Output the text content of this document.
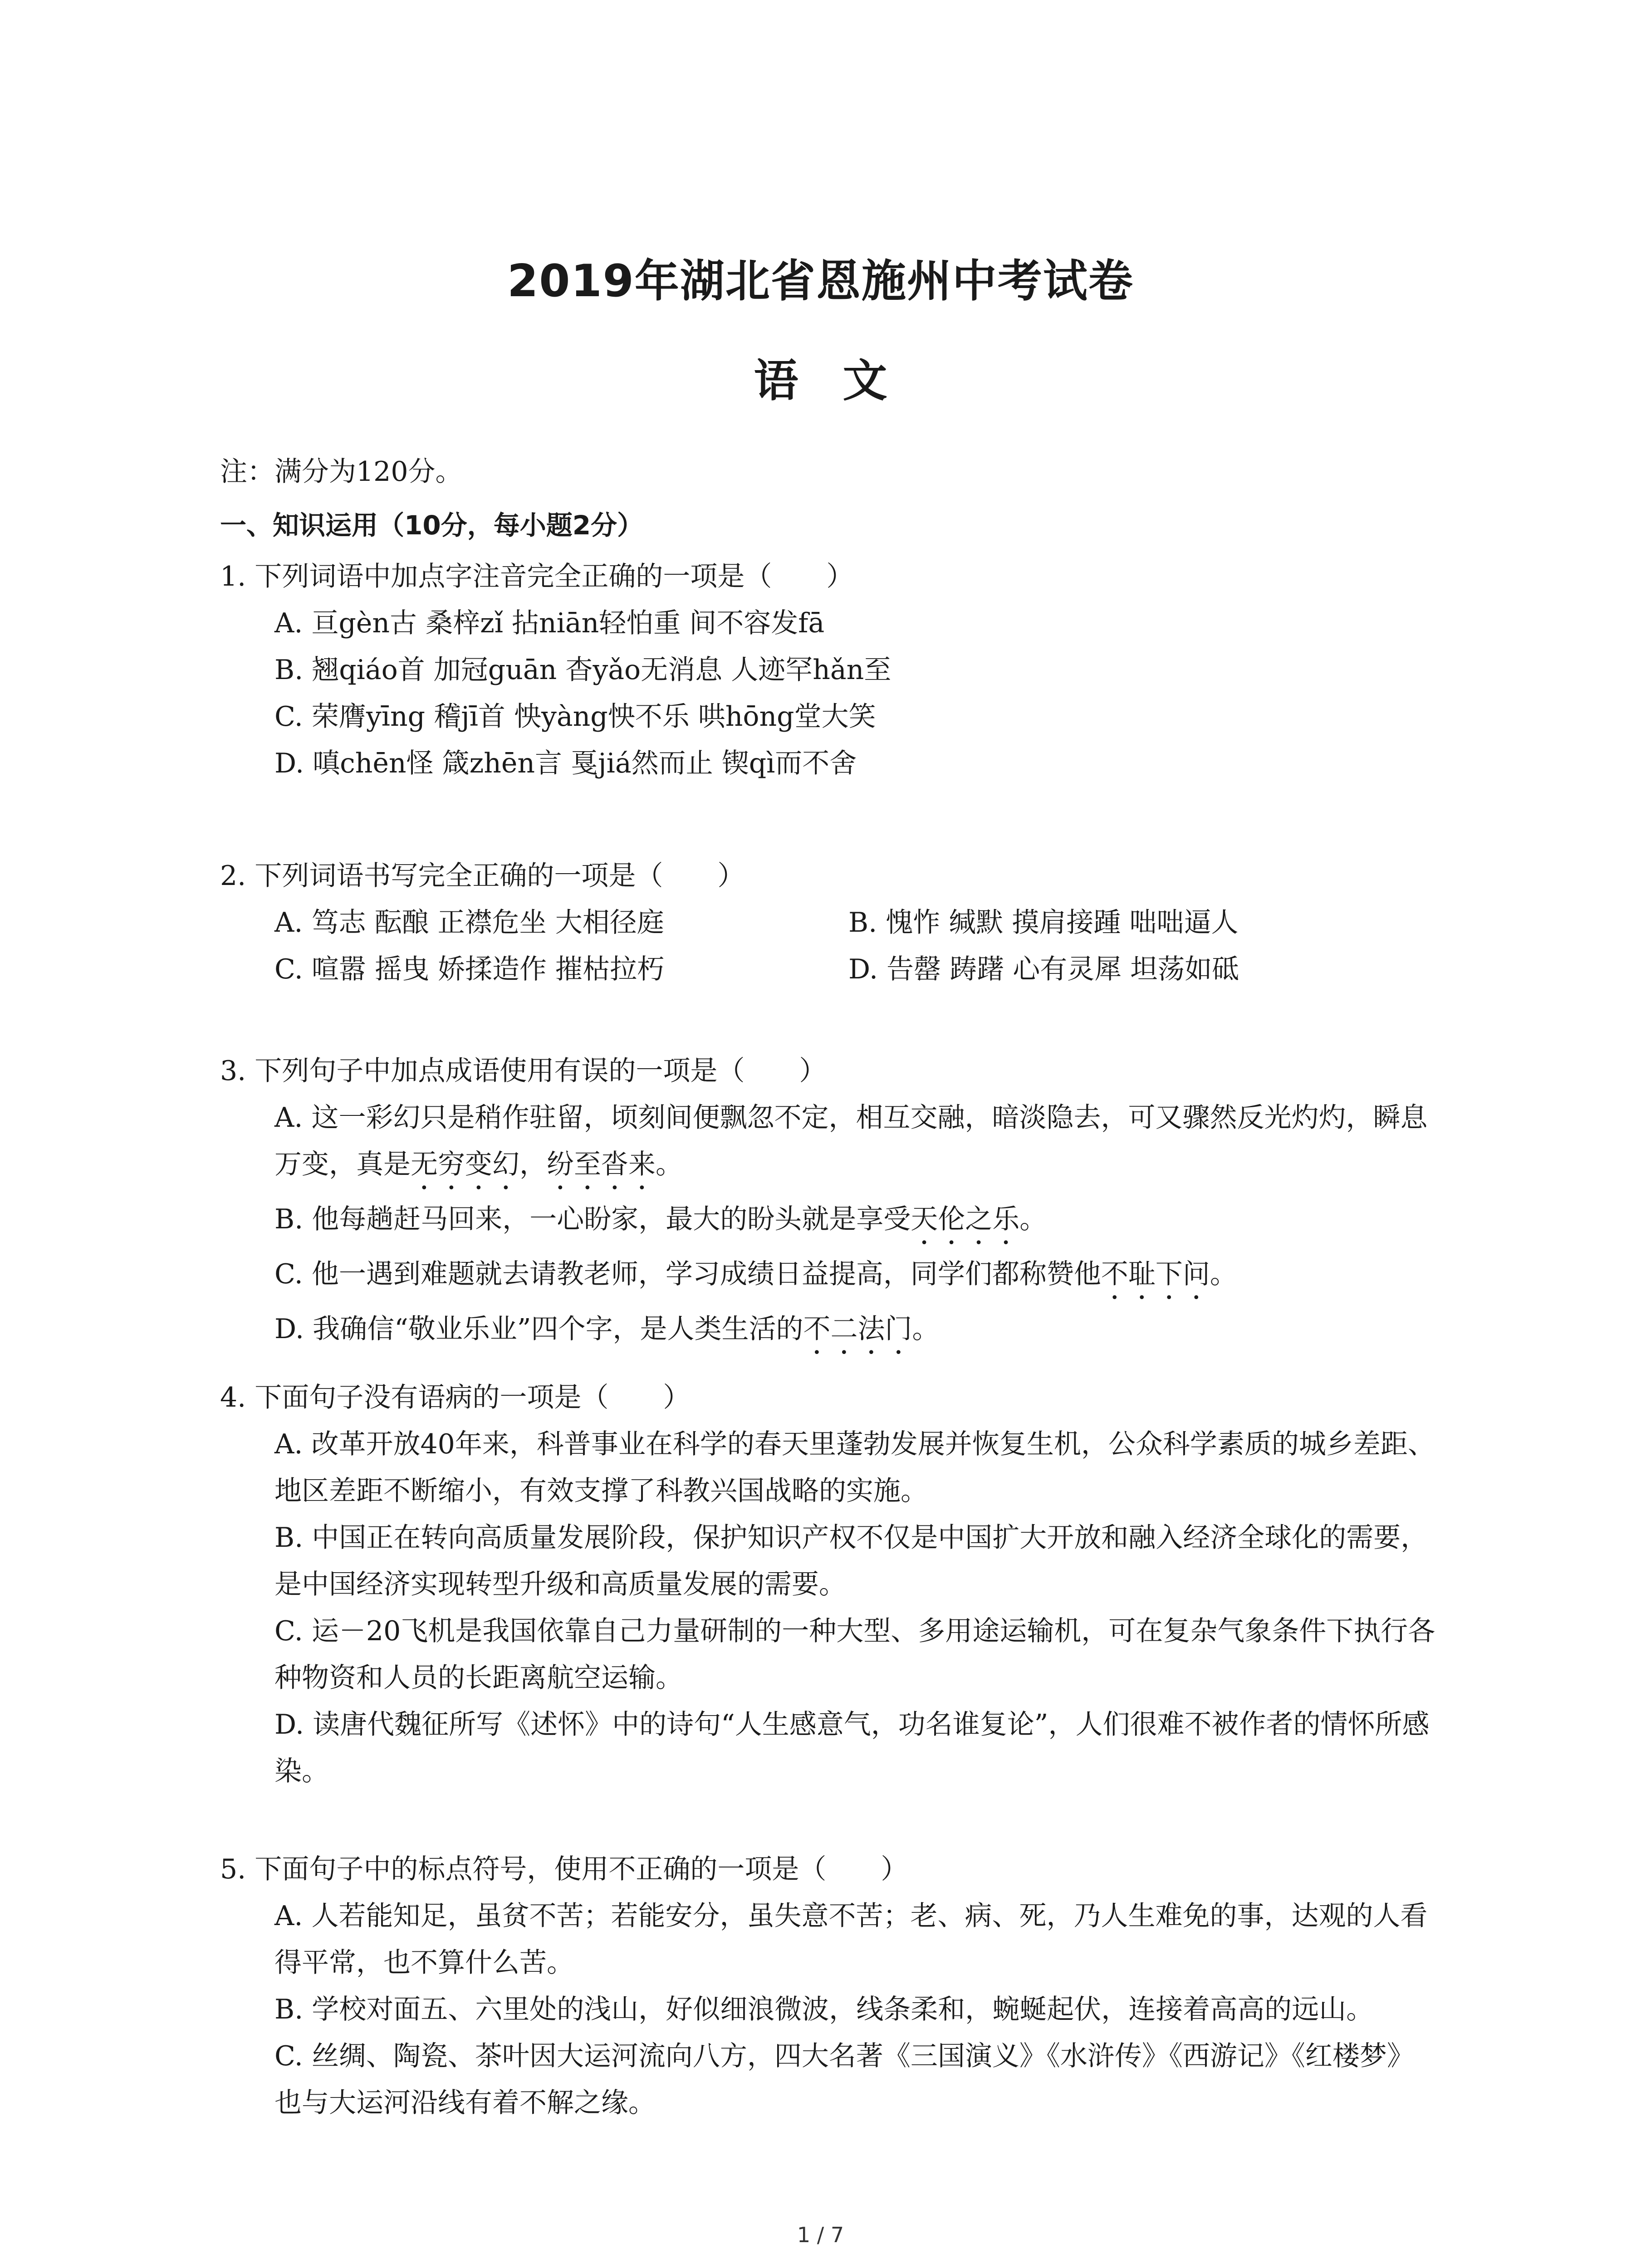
2019年湖北省恩施州中考试卷
语　文
注：满分为120分。
一、知识运用（10分，每小题2分）
1. 下列词语中加点字注音完全正确的一项是（　　）
A. 亘gèn古 桑梓zǐ 拈niān轻怕重 间不容发fā
B. 翘qiáo首 加冠guān 杳yǎo无消息 人迹罕hǎn至
C. 荣膺yīng 稽jī首 怏yàng怏不乐 哄hōng堂大笑
D. 嗔chēn怪 箴zhēn言 戛jiá然而止 锲qì而不舍
2. 下列词语书写完全正确的一项是（　　）
A. 笃志 酝酿 正襟危坐 大相径庭	B. 愧怍 缄默 摸肩接踵 咄咄逼人
C. 喧嚣 摇曳 娇揉造作 摧枯拉朽	D. 告罄 踌躇 心有灵犀 坦荡如砥
3. 下列句子中加点成语使用有误的一项是（　　）
A. 这一彩幻只是稍作驻留，顷刻间便飘忽不定，相互交融，暗淡隐去，可又骤然反光灼灼，瞬息万变，真是无穷变幻，纷至沓来。
B. 他每趟赶马回来，一心盼家，最大的盼头就是享受天伦之乐。
C. 他一遇到难题就去请教老师，学习成绩日益提高，同学们都称赞他不耻下问。
D. 我确信“敬业乐业”四个字，是人类生活的不二法门。
4. 下面句子没有语病的一项是（　　）
A. 改革开放40年来，科普事业在科学的春天里蓬勃发展并恢复生机，公众科学素质的城乡差距、地区差距不断缩小，有效支撑了科教兴国战略的实施。
B. 中国正在转向高质量发展阶段，保护知识产权不仅是中国扩大开放和融入经济全球化的需要，是中国经济实现转型升级和高质量发展的需要。
C. 运－20飞机是我国依靠自己力量研制的一种大型、多用途运输机，可在复杂气象条件下执行各种物资和人员的长距离航空运输。
D. 读唐代魏征所写《述怀》中的诗句“人生感意气，功名谁复论”，人们很难不被作者的情怀所感染。
5. 下面句子中的标点符号，使用不正确的一项是（　　）
A. 人若能知足，虽贫不苦；若能安分，虽失意不苦；老、病、死，乃人生难免的事，达观的人看得平常，也不算什么苦。
B. 学校对面五、六里处的浅山，好似细浪微波，线条柔和，蜿蜒起伏，连接着高高的远山。
C. 丝绸、陶瓷、茶叶因大运河流向八方，四大名著《三国演义》《水浒传》《西游记》《红楼梦》也与大运河沿线有着不解之缘。
1 / 7
